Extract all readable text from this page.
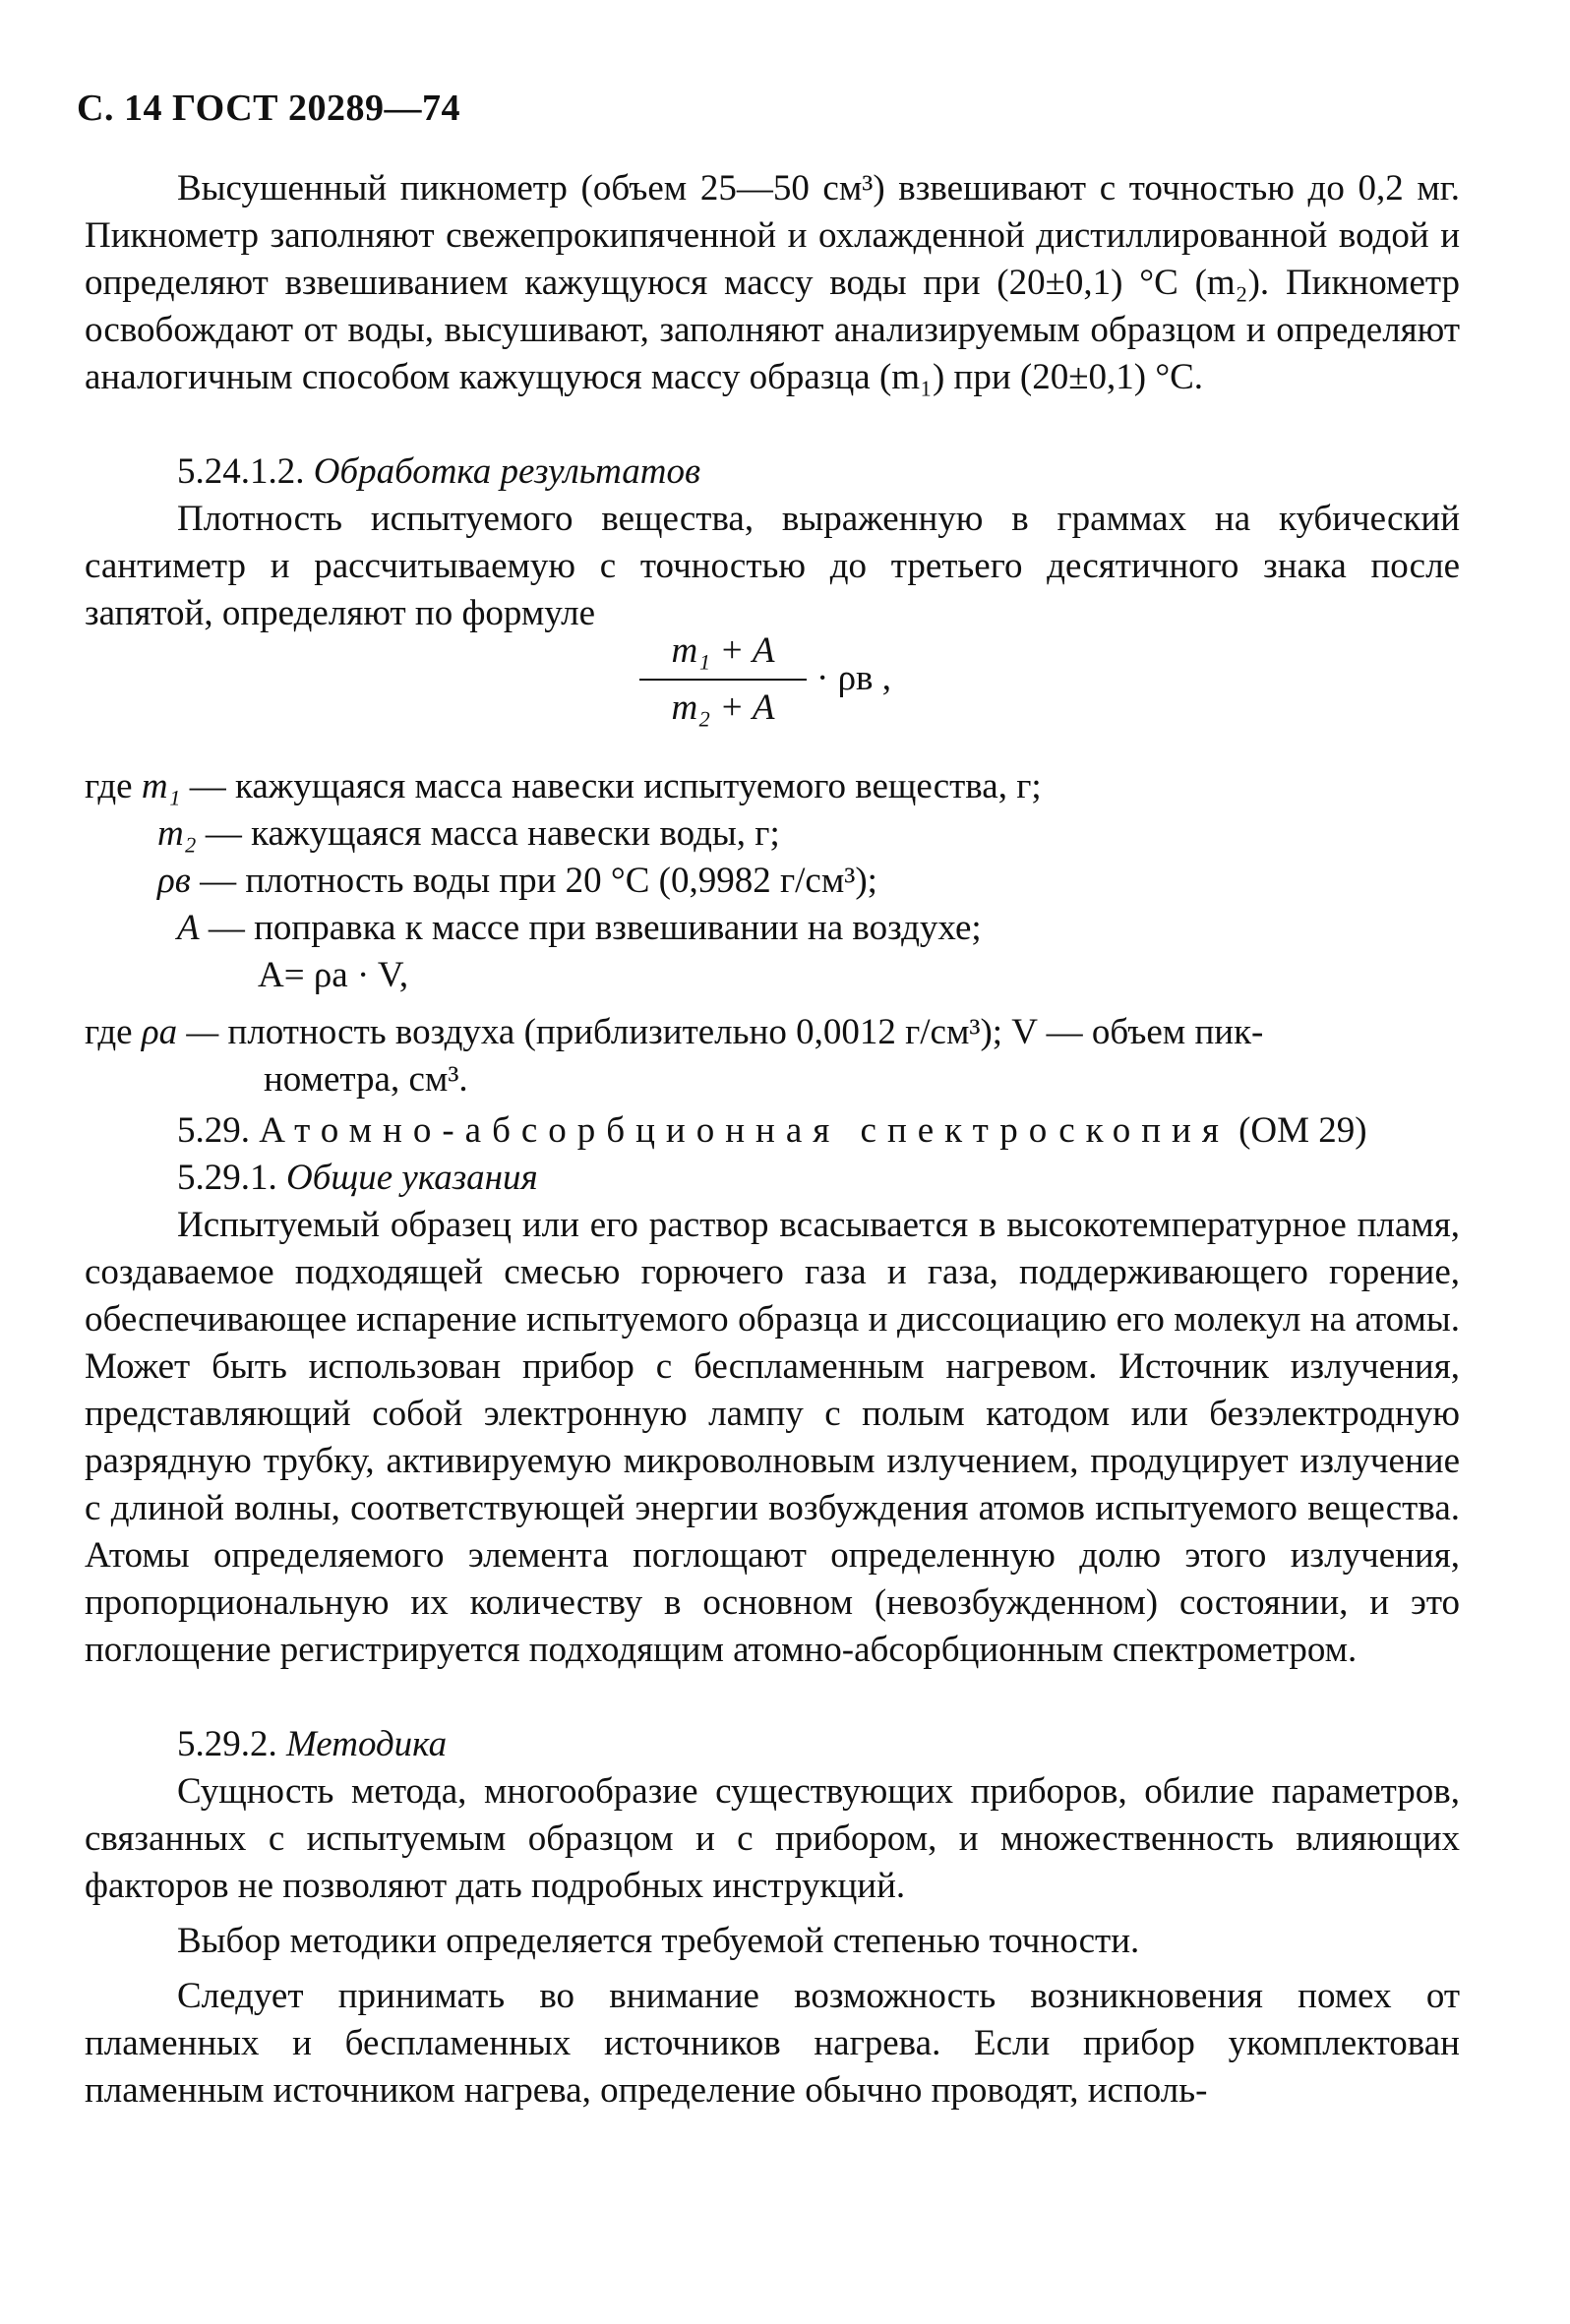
С. 14 ГОСТ 20289—74
Высушенный пикнометр (объем 25—50 см³) взвешивают с точностью до 0,2 мг. Пикнометр заполняют свежепрокипяченной и охлажденной дистиллированной водой и определяют взвешиванием кажущуюся массу воды при (20±0,1) °С (m₂). Пикнометр освобождают от воды, высушивают, заполняют анализируемым образцом и определяют аналогичным способом кажущуюся массу образца (m₁) при (20±0,1) °С.
5.24.1.2. Обработка результатов
Плотность испытуемого вещества, выраженную в граммах на кубический сантиметр и рассчитываемую с точностью до третьего десятичного знака после запятой, определяют по формуле
m₁ + A
m₂ + A
· ρв ,
где m₁ — кажущаяся масса навески испытуемого вещества, г;
m₂ — кажущаяся масса навески воды, г;
ρв — плотность воды при 20 °С (0,9982 г/см³);
A — поправка к массе при взвешивании на воздухе;
A= ρa · V,
где ρa — плотность воздуха (приблизительно 0,0012 г/см³); V — объем пик-
нометра, см³.
5.29. Атомно-абсорбционная спектроскопия (ОМ 29)
5.29.1. Общие указания
Испытуемый образец или его раствор всасывается в высокотемпературное пламя, создаваемое подходящей смесью горючего газа и газа, поддерживающего горение, обеспечивающее испарение испытуемого образца и диссоциацию его молекул на атомы. Может быть использован прибор с беспламенным нагревом. Источник излучения, представляющий собой электронную лампу с полым катодом или безэлектродную разрядную трубку, активируемую микроволновым излучением, продуцирует излучение с длиной волны, соответствующей энергии возбуждения атомов испытуемого вещества. Атомы определяемого элемента поглощают определенную долю этого излучения, пропорциональную их количеству в основном (невозбужденном) состоянии, и это поглощение регистрируется подходящим атомно-абсорбционным спектрометром.
5.29.2. Методика
Сущность метода, многообразие существующих приборов, обилие параметров, связанных с испытуемым образцом и с прибором, и множественность влияющих факторов не позволяют дать подробных инструкций.
Выбор методики определяется требуемой степенью точности.
Следует принимать во внимание возможность возникновения помех от пламенных и беспламенных источников нагрева. Если прибор укомплектован пламенным источником нагрева, определение обычно проводят, исполь-
